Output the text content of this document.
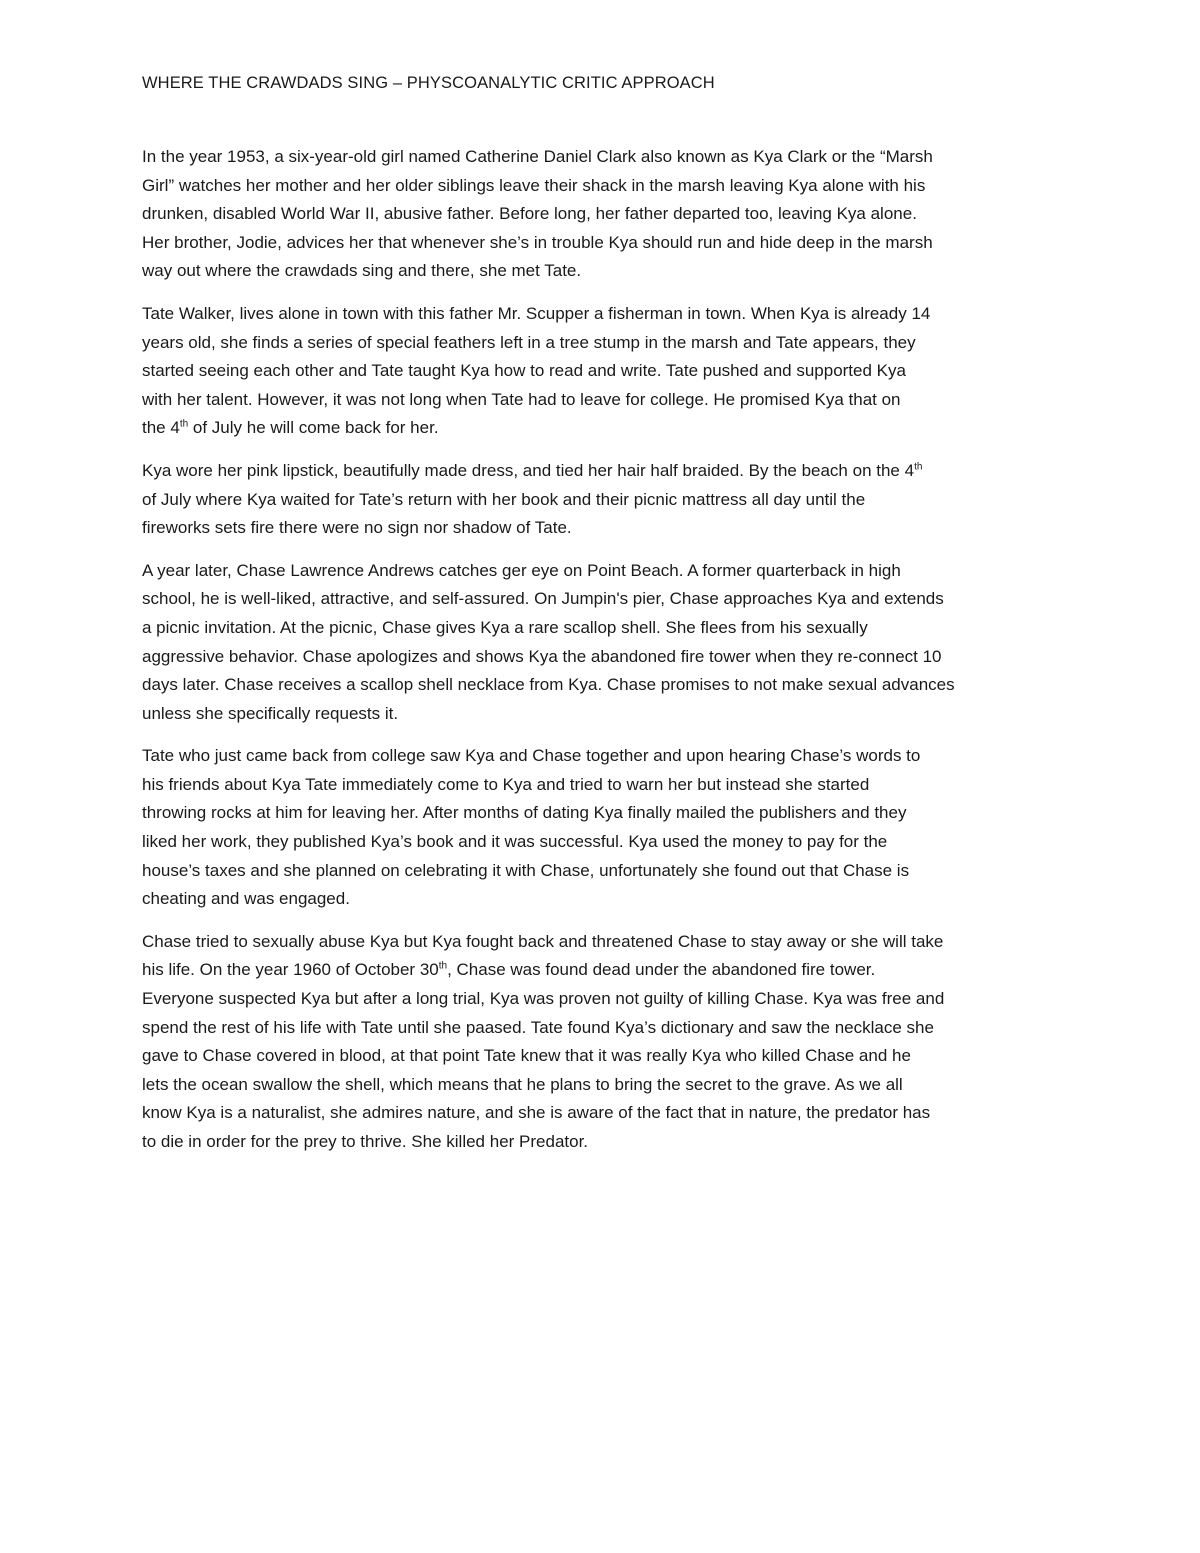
WHERE THE CRAWDADS SING – PHYSCOANALYTIC CRITIC APPROACH

In the year 1953, a six-year-old girl named Catherine Daniel Clark also known as Kya Clark or the “Marsh
Girl” watches her mother and her older siblings leave their shack in the marsh leaving Kya alone with his
drunken, disabled World War II, abusive father. Before long, her father departed too, leaving Kya alone.
Her brother, Jodie, advices her that whenever she’s in trouble Kya should run and hide deep in the marsh
way out where the crawdads sing and there, she met Tate.

Tate Walker, lives alone in town with this father Mr. Scupper a fisherman in town. When Kya is already 14
years old, she finds a series of special feathers left in a tree stump in the marsh and Tate appears, they
started seeing each other and Tate taught Kya how to read and write. Tate pushed and supported Kya
with her talent. However, it was not long when Tate had to leave for college. He promised Kya that on
the 4th of July he will come back for her.

Kya wore her pink lipstick, beautifully made dress, and tied her hair half braided. By the beach on the 4th
of July where Kya waited for Tate’s return with her book and their picnic mattress all day until the
fireworks sets fire there were no sign nor shadow of Tate.

A year later, Chase Lawrence Andrews catches ger eye on Point Beach. A former quarterback in high
school, he is well-liked, attractive, and self-assured. On Jumpin's pier, Chase approaches Kya and extends
a picnic invitation. At the picnic, Chase gives Kya a rare scallop shell. She flees from his sexually
aggressive behavior. Chase apologizes and shows Kya the abandoned fire tower when they re-connect 10
days later. Chase receives a scallop shell necklace from Kya. Chase promises to not make sexual advances
unless she specifically requests it.

Tate who just came back from college saw Kya and Chase together and upon hearing Chase’s words to
his friends about Kya Tate immediately come to Kya and tried to warn her but instead she started
throwing rocks at him for leaving her. After months of dating Kya finally mailed the publishers and they
liked her work, they published Kya’s book and it was successful. Kya used the money to pay for the
house’s taxes and she planned on celebrating it with Chase, unfortunately she found out that Chase is
cheating and was engaged.

Chase tried to sexually abuse Kya but Kya fought back and threatened Chase to stay away or she will take
his life. On the year 1960 of October 30th, Chase was found dead under the abandoned fire tower.
Everyone suspected Kya but after a long trial, Kya was proven not guilty of killing Chase. Kya was free and
spend the rest of his life with Tate until she paased. Tate found Kya’s dictionary and saw the necklace she
gave to Chase covered in blood, at that point Tate knew that it was really Kya who killed Chase and he
lets the ocean swallow the shell, which means that he plans to bring the secret to the grave. As we all
know Kya is a naturalist, she admires nature, and she is aware of the fact that in nature, the predator has
to die in order for the prey to thrive. She killed her Predator.
